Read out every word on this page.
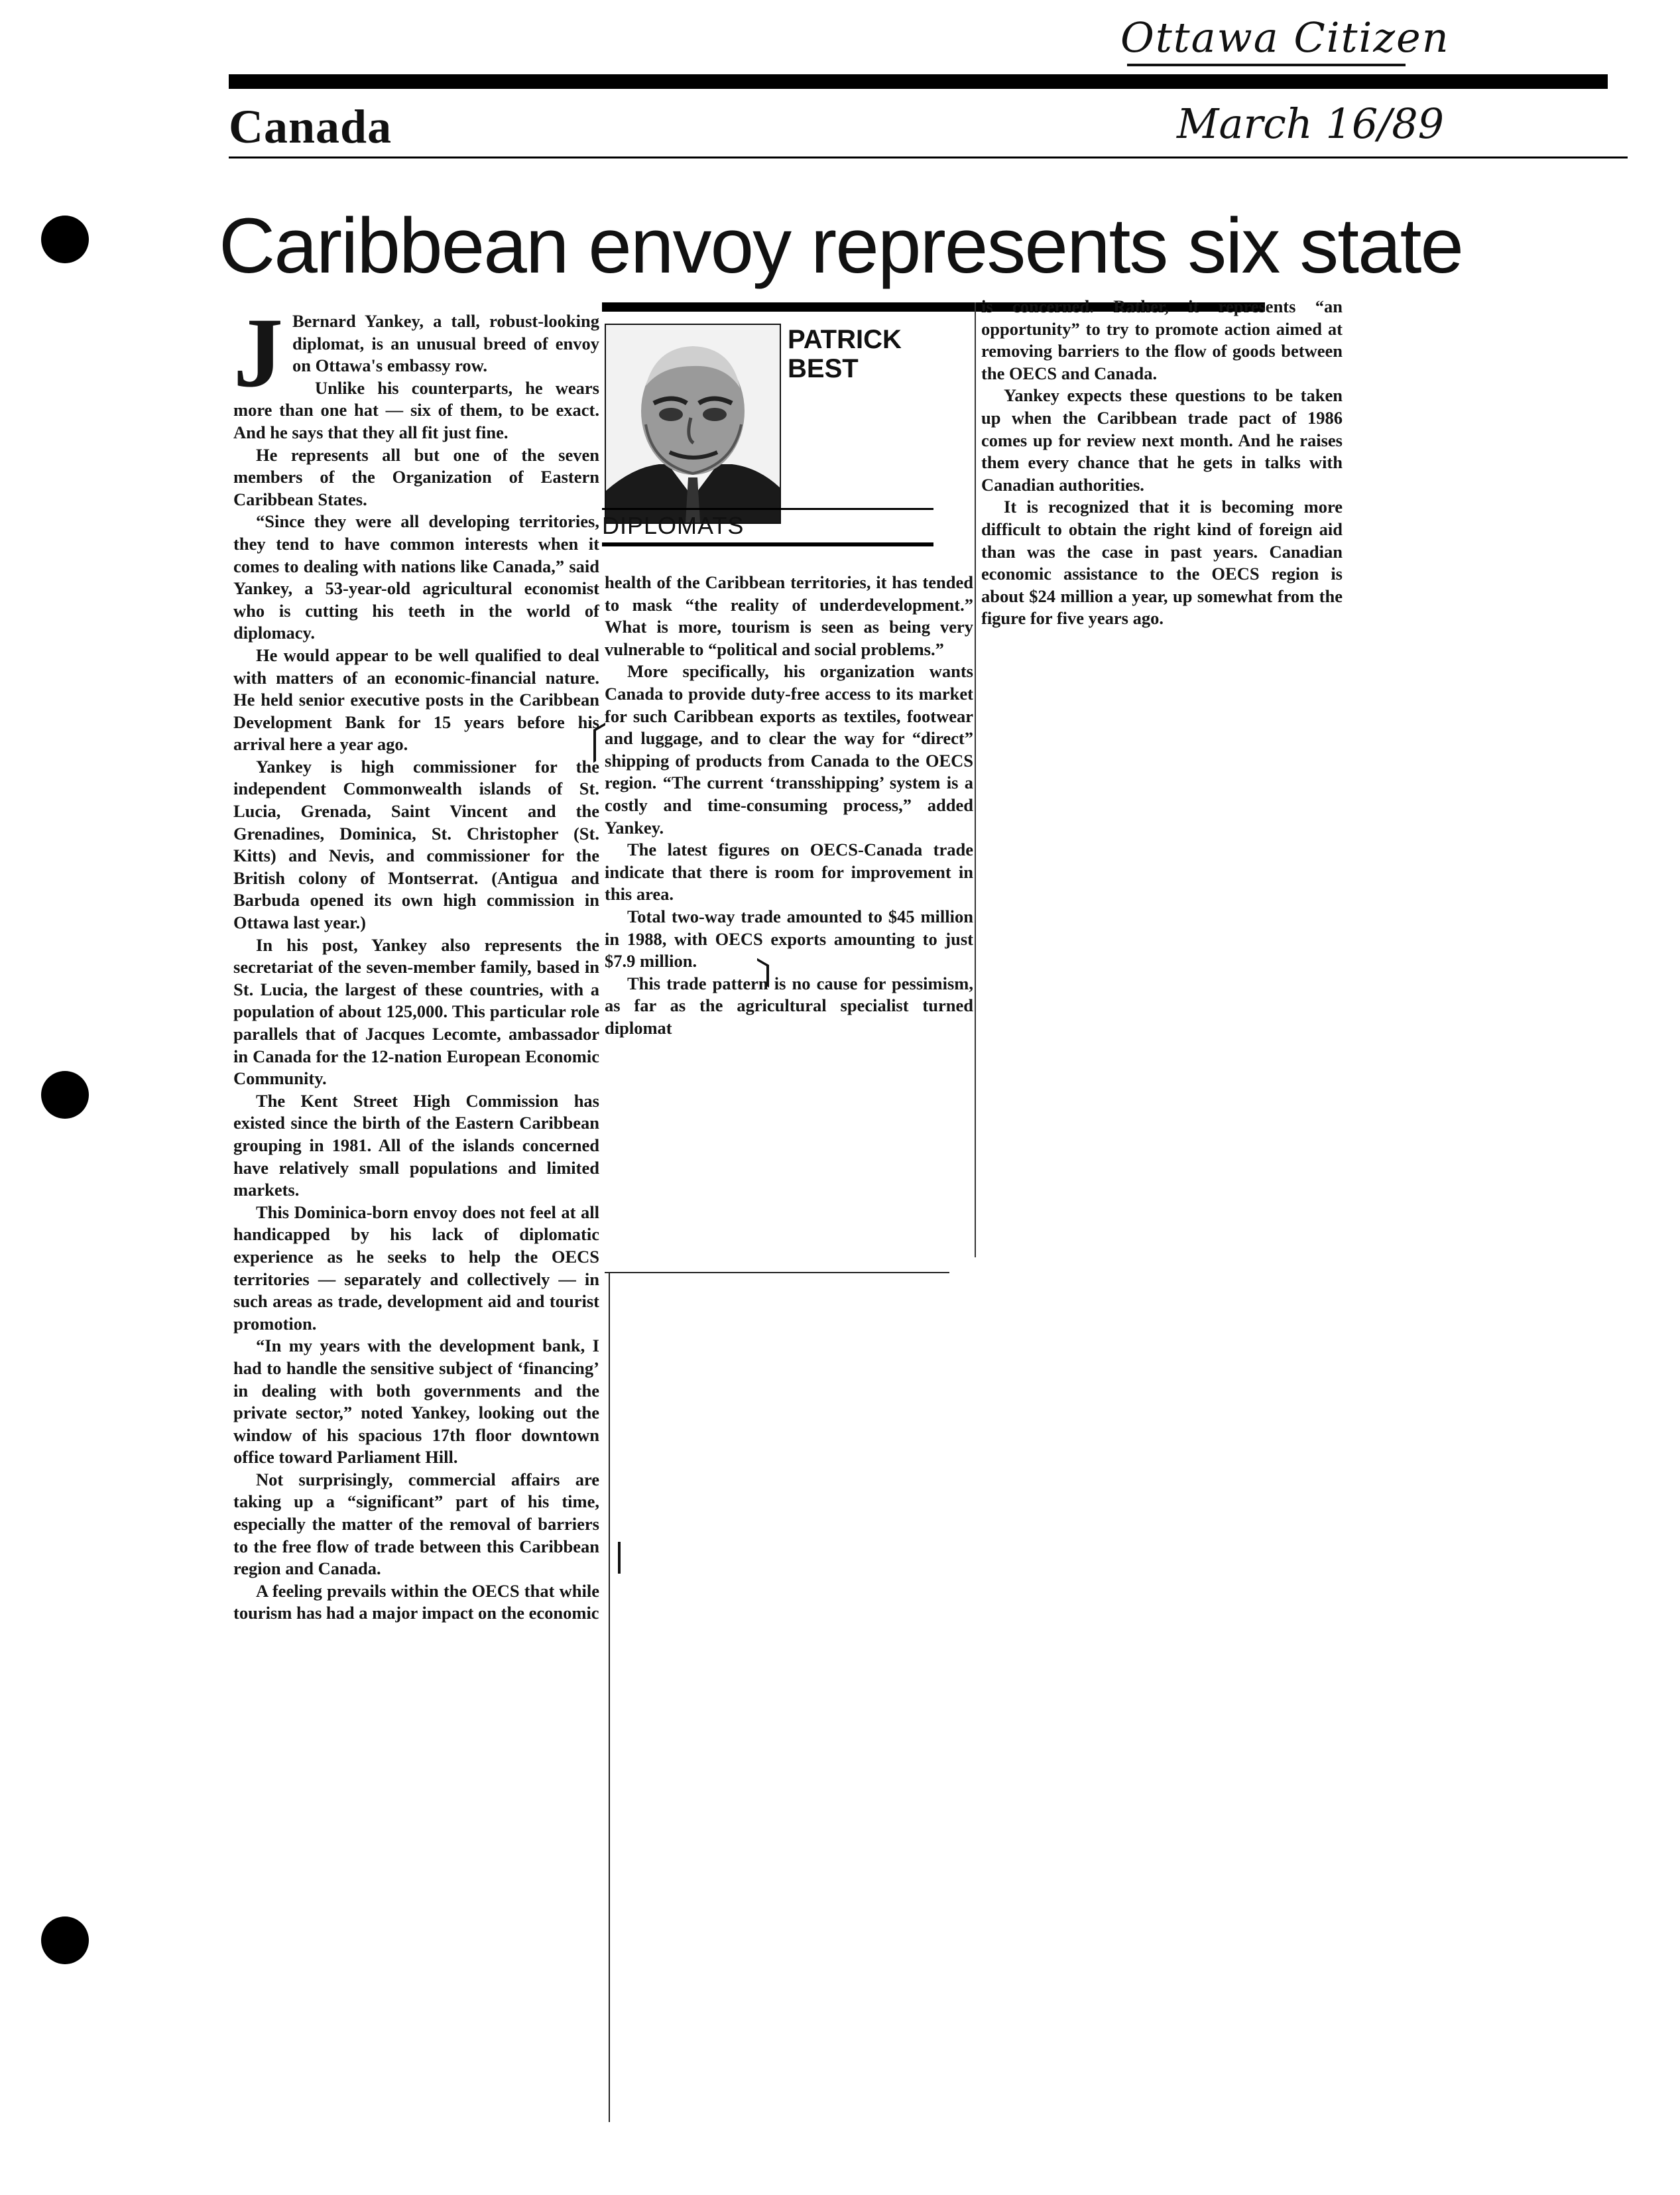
Ottawa Citizen
March 16/89
Canada
Caribbean envoy represents six state
J Bernard Yankey, a tall, robust-looking diplomat, is an unusual breed of envoy on Ottawa's embassy row.

Unlike his counterparts, he wears more than one hat — six of them, to be exact. And he says that they all fit just fine.

He represents all but one of the seven members of the Organization of Eastern Caribbean States.

“Since they were all developing territories, they tend to have common interests when it comes to dealing with nations like Canada,” said Yankey, a 53-year-old agricultural economist who is cutting his teeth in the world of diplomacy.

He would appear to be well qualified to deal with matters of an economic-financial nature. He held senior executive posts in the Caribbean Development Bank for 15 years before his arrival here a year ago.

Yankey is high commissioner for the independent Commonwealth islands of St. Lucia, Grenada, Saint Vincent and the Grenadines, Dominica, St. Christopher (St. Kitts) and Nevis, and commissioner for the British colony of Montserrat. (Antigua and Barbuda opened its own high commission in Ottawa last year.)

In his post, Yankey also represents the secretariat of the seven-member family, based in St. Lucia, the largest of these countries, with a population of about 125,000. This particular role parallels that of Jacques Lecomte, ambassador in Canada for the 12-nation European Economic Community.

The Kent Street High Commission has existed since the birth of the Eastern Caribbean grouping in 1981. All of the islands concerned have relatively small populations and limited markets.

This Dominica-born envoy does not feel at all handicapped by his lack of diplomatic experience as he seeks to help the OECS territories — separately and collectively — in such areas as trade, development aid and tourist promotion.

“In my years with the development bank, I had to handle the sensitive subject of ‘financing’ in dealing with both governments and the private sector,” noted Yankey, looking out the window of his spacious 17th floor downtown office toward Parliament Hill.

Not surprisingly, commercial affairs are taking up a “significant” part of his time, especially the matter of the removal of barriers to the free flow of trade between this Caribbean region and Canada.

A feeling prevails within the OECS that while tourism has had a major impact on the economic

PATRICK
BEST
DIPLOMATS

health of the Caribbean territories, it has tended to mask “the reality of underdevelopment.” What is more, tourism is seen as being very vulnerable to “political and social problems.”

More specifically, his organization wants Canada to provide duty-free access to its market for such Caribbean exports as textiles, footwear and luggage, and to clear the way for “direct” shipping of products from Canada to the OECS region. “The current ‘transshipping’ system is a costly and time-consuming process,” added Yankey.

The latest figures on OECS-Canada trade indicate that there is room for improvement in this area.

Total two-way trade amounted to $45 million in 1988, with OECS exports amounting to just $7.9 million.

This trade pattern is no cause for pessimism, as far as the agricultural specialist turned diplomat

is concerned. Rather, it represents “an opportunity” to try to promote action aimed at removing barriers to the flow of goods between the OECS and Canada.

Yankey expects these questions to be taken up when the Caribbean trade pact of 1986 comes up for review next month. And he raises them every chance that he gets in talks with Canadian authorities.

It is recognized that it is becoming more difficult to obtain the right kind of foreign aid than was the case in past years. Canadian economic assistance to the OECS region is about $24 million a year, up somewhat from the figure for five years ago.
